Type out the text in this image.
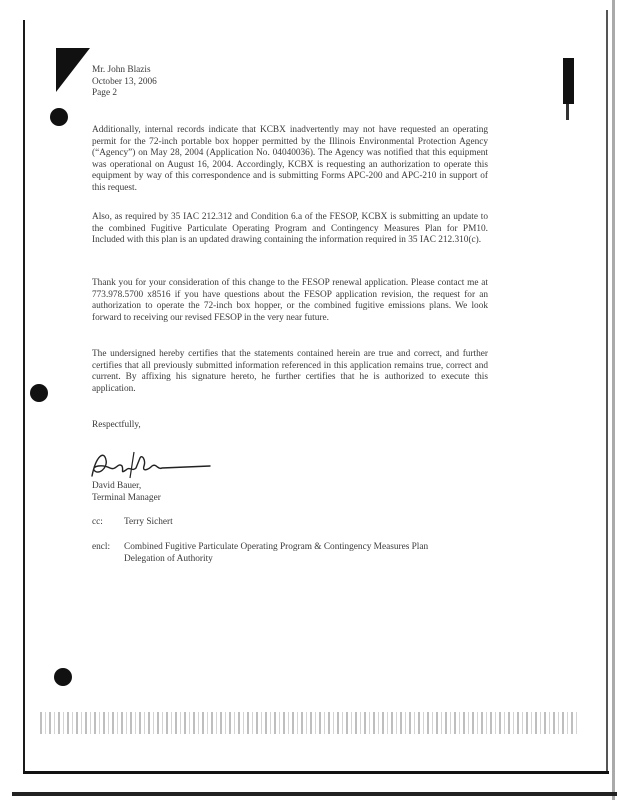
Mr. John Blazis
October 13, 2006
Page 2
Additionally, internal records indicate that KCBX inadvertently may not have requested an operating permit for the 72-inch portable box hopper permitted by the Illinois Environmental Protection Agency (“Agency”) on May 28, 2004 (Application No. 04040036). The Agency was notified that this equipment was operational on August 16, 2004. Accordingly, KCBX is requesting an authorization to operate this equipment by way of this correspondence and is submitting Forms APC-200 and APC-210 in support of this request.
Also, as required by 35 IAC 212.312 and Condition 6.a of the FESOP, KCBX is submitting an update to the combined Fugitive Particulate Operating Program and Contingency Measures Plan for PM10. Included with this plan is an updated drawing containing the information required in 35 IAC 212.310(c).
Thank you for your consideration of this change to the FESOP renewal application. Please contact me at 773.978.5700 x8516 if you have questions about the FESOP application revision, the request for an authorization to operate the 72-inch box hopper, or the combined fugitive emissions plans. We look forward to receiving our revised FESOP in the very near future.
The undersigned hereby certifies that the statements contained herein are true and correct, and further certifies that all previously submitted information referenced in this application remains true, correct and current. By affixing his signature hereto, he further certifies that he is authorized to execute this application.
Respectfully,
David Bauer,
Terminal Manager
cc: Terry Sichert
encl: Combined Fugitive Particulate Operating Program & Contingency Measures Plan
Delegation of Authority
